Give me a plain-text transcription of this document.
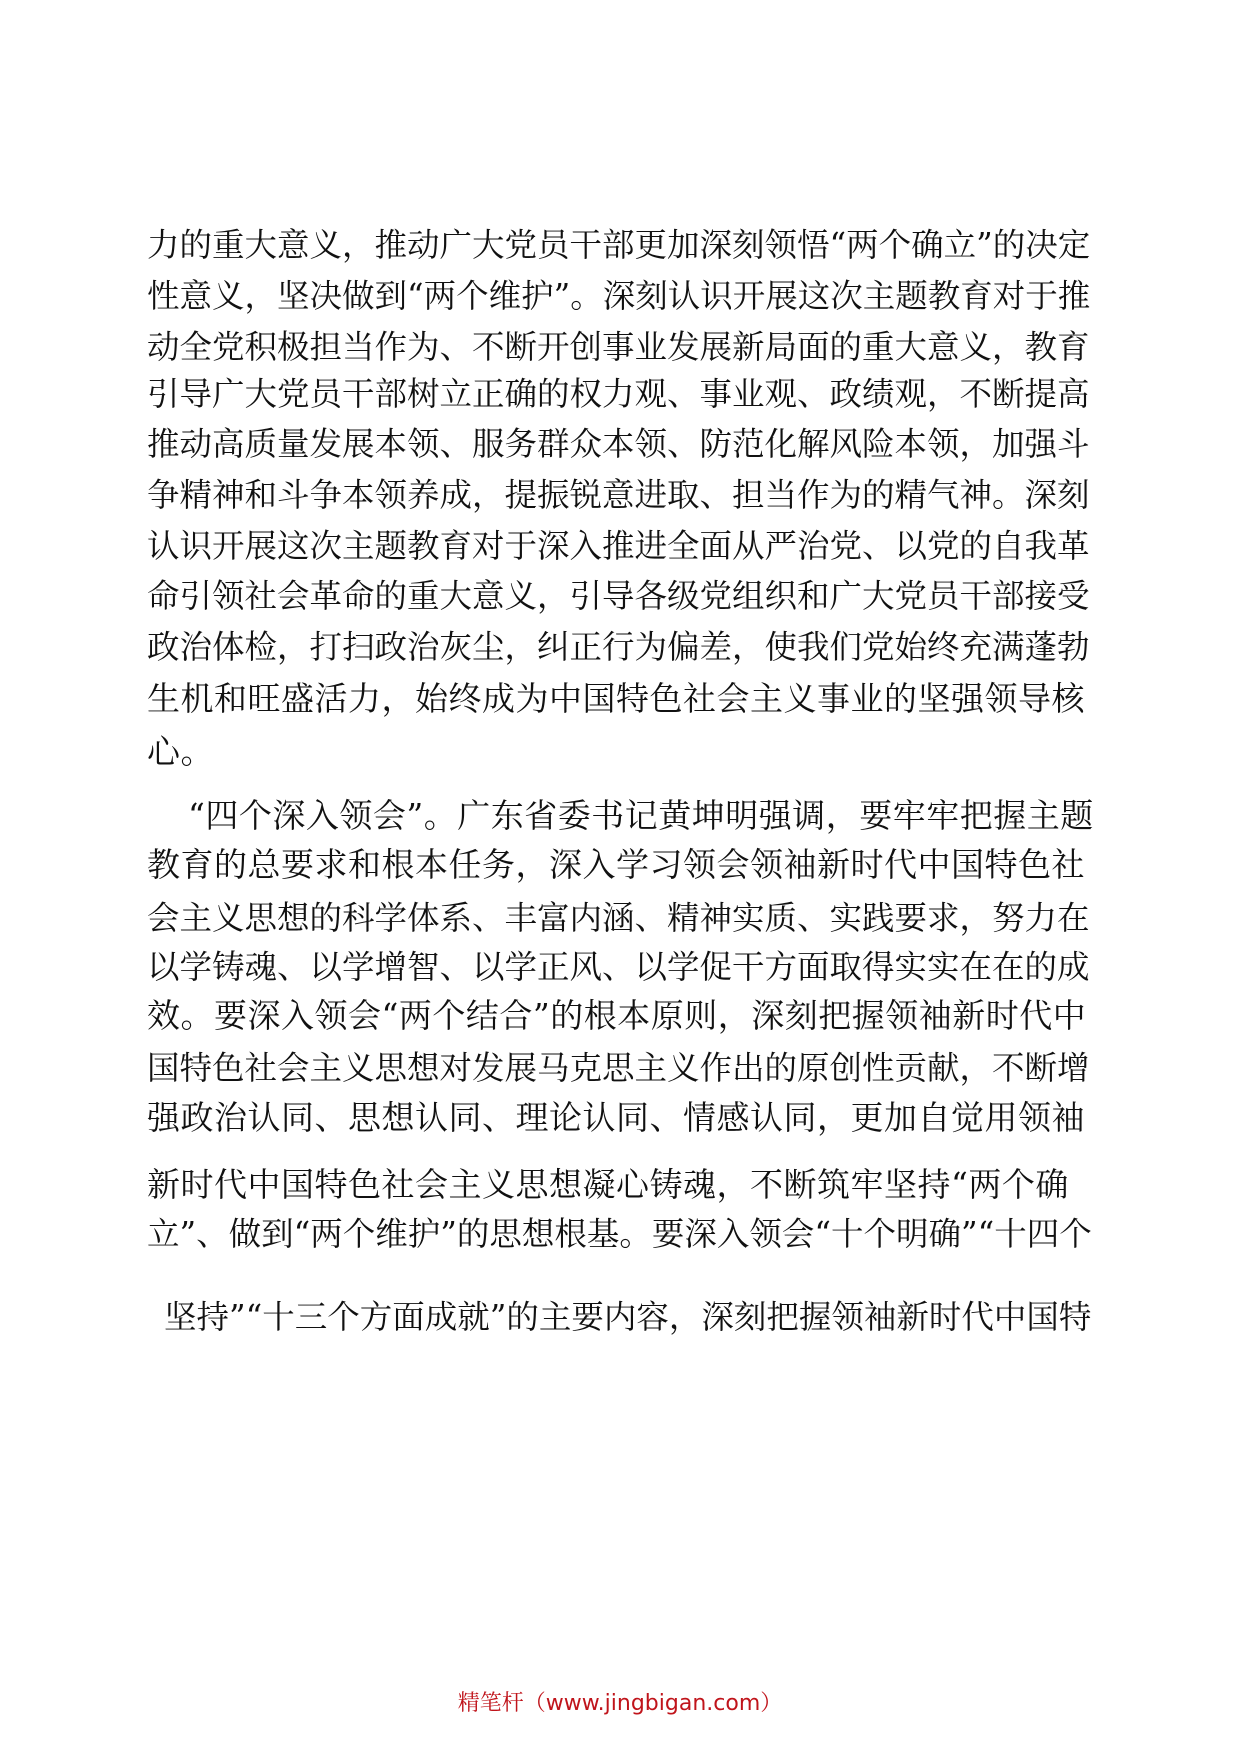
力的重大意义，推动广大党员干部更加深刻领悟“两个确立”的决定
性意义，坚决做到“两个维护”。深刻认识开展这次主题教育对于推
动全党积极担当作为、不断开创事业发展新局面的重大意义，教育
引导广大党员干部树立正确的权力观、事业观、政绩观，不断提高
推动高质量发展本领、服务群众本领、防范化解风险本领，加强斗
争精神和斗争本领养成，提振锐意进取、担当作为的精气神。深刻
认识开展这次主题教育对于深入推进全面从严治党、以党的自我革
命引领社会革命的重大意义，引导各级党组织和广大党员干部接受
政治体检，打扫政治灰尘，纠正行为偏差，使我们党始终充满蓬勃
生机和旺盛活力，始终成为中国特色社会主义事业的坚强领导核
心。
“四个深入领会”。广东省委书记黄坤明强调，要牢牢把握主题
教育的总要求和根本任务，深入学习领会领袖新时代中国特色社
会主义思想的科学体系、丰富内涵、精神实质、实践要求，努力在
以学铸魂、以学增智、以学正风、以学促干方面取得实实在在的成
效。要深入领会“两个结合”的根本原则，深刻把握领袖新时代中
国特色社会主义思想对发展马克思主义作出的原创性贡献，不断增
强政治认同、思想认同、理论认同、情感认同，更加自觉用领袖
新时代中国特色社会主义思想凝心铸魂，不断筑牢坚持“两个确
立”、做到“两个维护”的思想根基。要深入领会“十个明确”“十四个
坚持”“十三个方面成就”的主要内容，深刻把握领袖新时代中国特
精笔杆（www.jingbigan.com）
